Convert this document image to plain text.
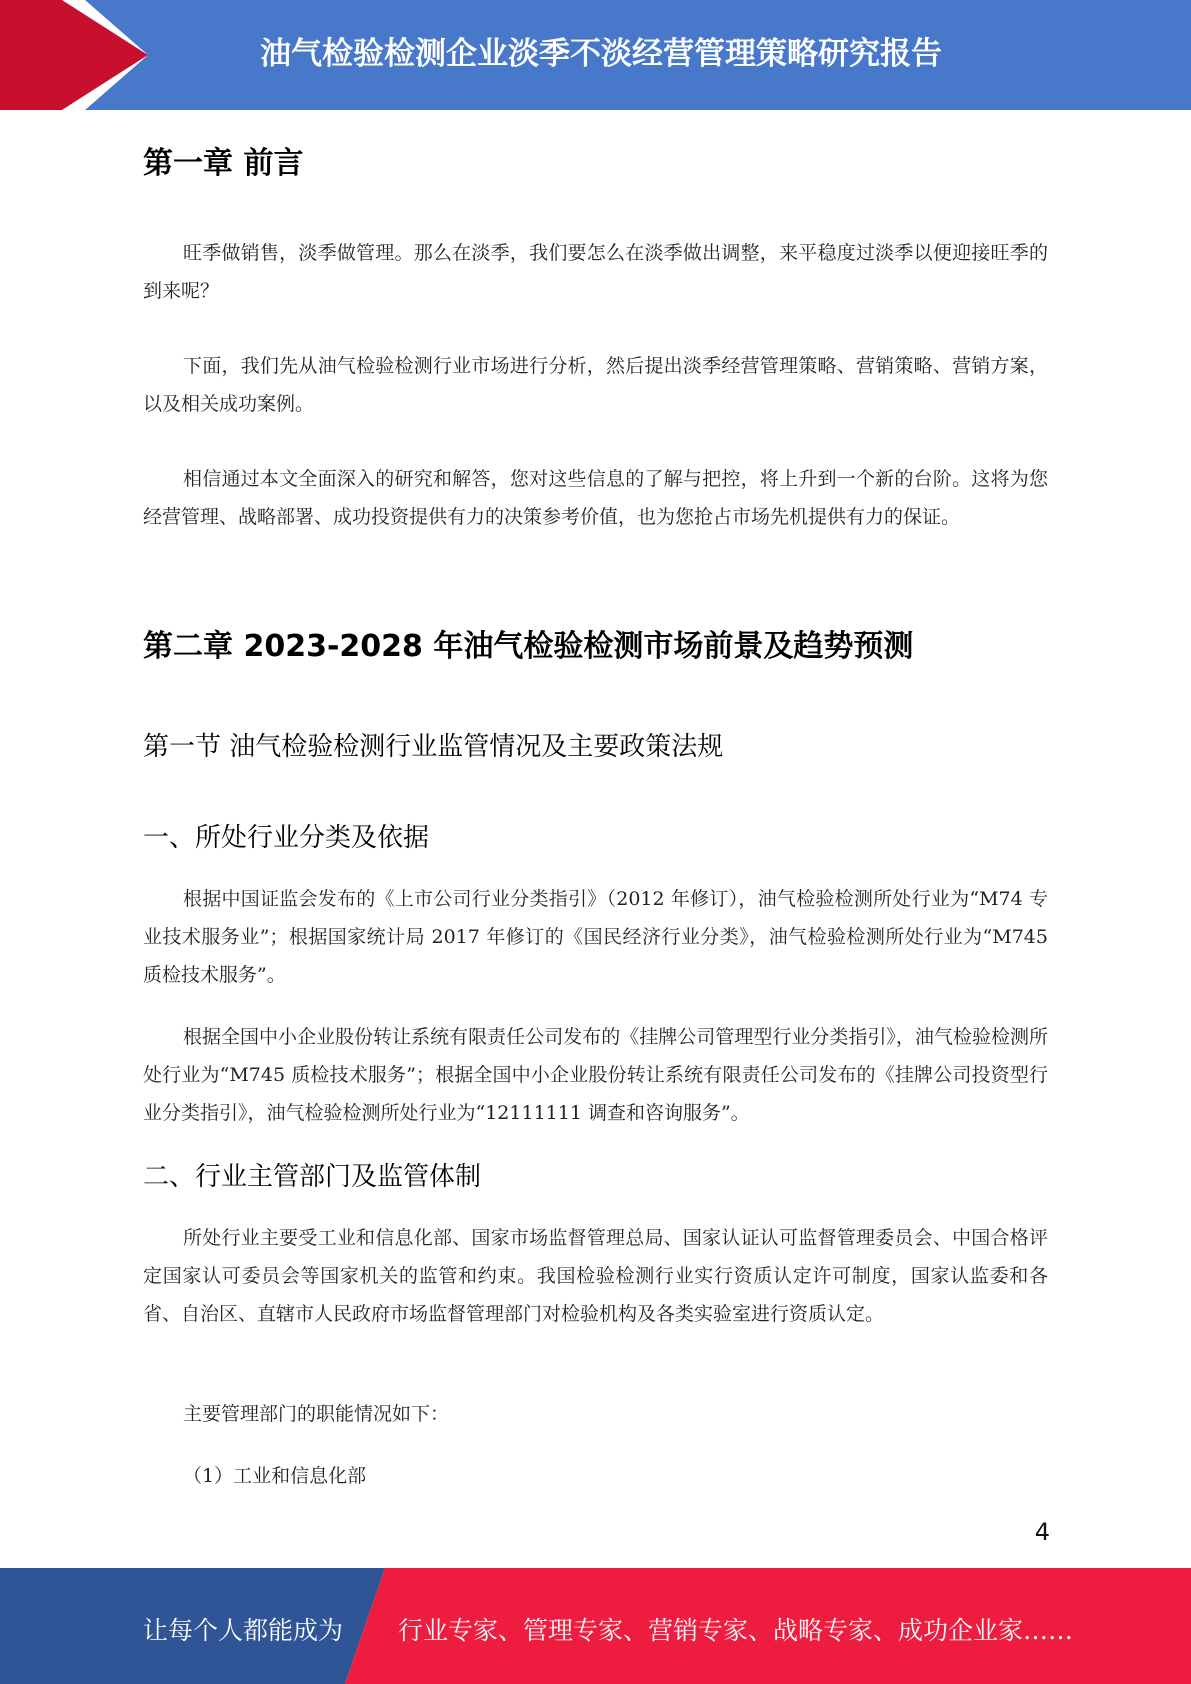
油气检验检测企业淡季不淡经营管理策略研究报告
第一章 前言

旺季做销售，淡季做管理。那么在淡季，我们要怎么在淡季做出调整，来平稳度过淡季以便迎接旺季的到来呢？

下面，我们先从油气检验检测行业市场进行分析，然后提出淡季经营管理策略、营销策略、营销方案，以及相关成功案例。

相信通过本文全面深入的研究和解答，您对这些信息的了解与把控，将上升到一个新的台阶。这将为您经营管理、战略部署、成功投资提供有力的决策参考价值，也为您抢占市场先机提供有力的保证。

第二章 2023-2028 年油气检验检测市场前景及趋势预测
第一节 油气检验检测行业监管情况及主要政策法规
一、所处行业分类及依据

根据中国证监会发布的《上市公司行业分类指引》（2012 年修订），油气检验检测所处行业为“M74 专业技术服务业”；根据国家统计局 2017 年修订的《国民经济行业分类》，油气检验检测所处行业为“M745 质检技术服务”。

根据全国中小企业股份转让系统有限责任公司发布的《挂牌公司管理型行业分类指引》，油气检验检测所处行业为“M745 质检技术服务”；根据全国中小企业股份转让系统有限责任公司发布的《挂牌公司投资型行业分类指引》，油气检验检测所处行业为“12111111 调查和咨询服务”。

二、行业主管部门及监管体制

所处行业主要受工业和信息化部、国家市场监督管理总局、国家认证认可监督管理委员会、中国合格评定国家认可委员会等国家机关的监管和约束。我国检验检测行业实行资质认定许可制度，国家认监委和各省、自治区、直辖市人民政府市场监督管理部门对检验机构及各类实验室进行资质认定。

主要管理部门的职能情况如下：

（1）工业和信息化部

4
让每个人都能成为 行业专家、管理专家、营销专家、战略专家、成功企业家……
